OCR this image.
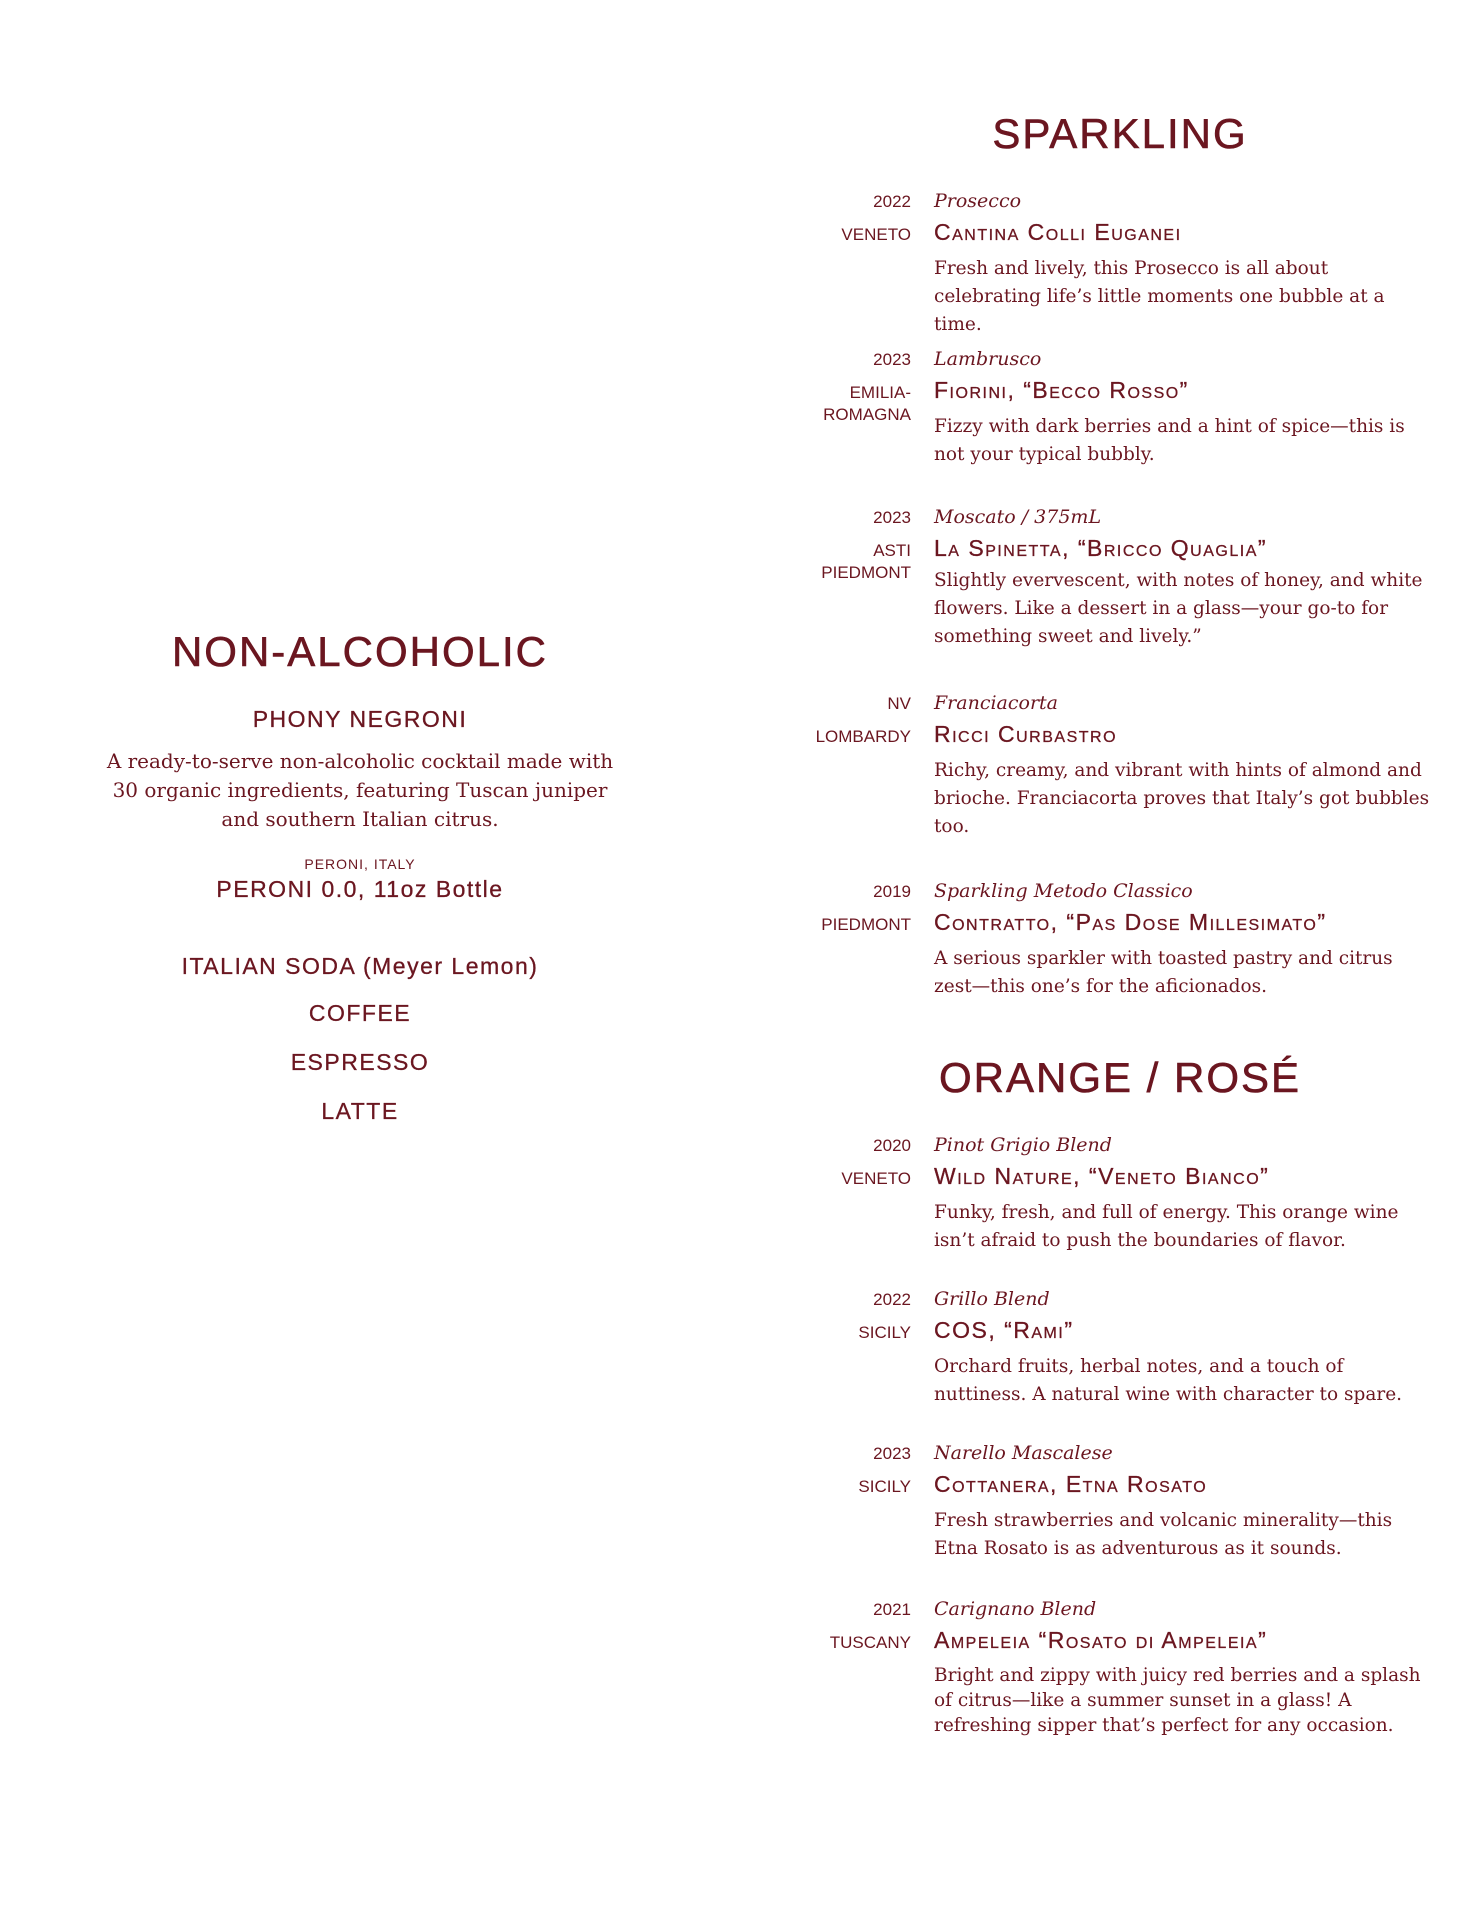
NON-ALCOHOLIC
PHONY NEGRONI
A ready-to-serve non-alcoholic cocktail made with 30 organic ingredients, featuring Tuscan juniper and southern Italian citrus.
PERONI, ITALY
PERONI 0.0, 11oz Bottle
ITALIAN SODA (Meyer Lemon)
COFFEE
ESPRESSO
LATTE
SPARKLING
2022
VENETO
Prosecco
Cantina Colli Euganei
Fresh and lively, this Prosecco is all about celebrating life’s little moments one bubble at a time.
2023
EMILIA-ROMAGNA
Lambrusco
Fiorini, “Becco Rosso”
Fizzy with dark berries and a hint of spice—this is not your typical bubbly.
2023
ASTI PIEDMONT
Moscato / 375mL
La Spinetta, “Bricco Quaglia”
Slightly evervescent, with notes of honey, and white flowers. Like a dessert in a glass—your go-to for something sweet and lively.”
NV
LOMBARDY
Franciacorta
Ricci Curbastro
Richy, creamy, and vibrant with hints of almond and brioche. Franciacorta proves that Italy’s got bubbles too.
2019
PIEDMONT
Sparkling Metodo Classico
Contratto, “Pas Dose Millesimato”
A serious sparkler with toasted pastry and citrus zest—this one’s for the aficionados.
ORANGE / ROSÉ
2020
VENETO
Pinot Grigio Blend
Wild Nature, “Veneto Bianco”
Funky, fresh, and full of energy. This orange wine isn’t afraid to push the boundaries of flavor.
2022
SICILY
Grillo Blend
COS, “Rami”
Orchard fruits, herbal notes, and a touch of nuttiness. A natural wine with character to spare.
2023
SICILY
Narello Mascalese
Cottanera, Etna Rosato
Fresh strawberries and volcanic minerality—this Etna Rosato is as adventurous as it sounds.
2021
TUSCANY
Carignano Blend
Ampeleia “Rosato di Ampeleia”
Bright and zippy with juicy red berries and a splash of citrus—like a summer sunset in a glass! A refreshing sipper that’s perfect for any occasion.
